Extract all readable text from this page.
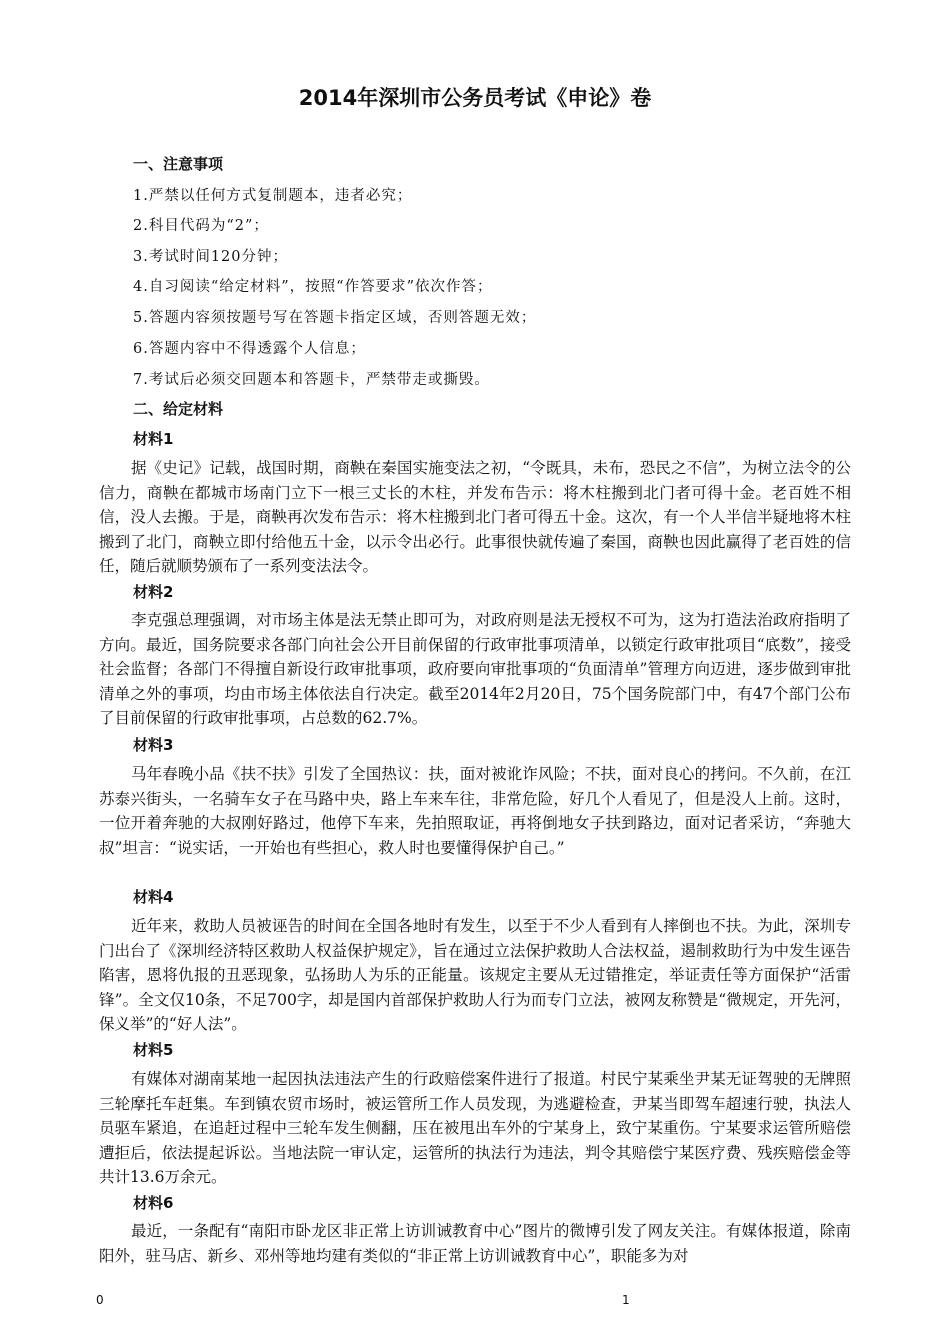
2014年深圳市公务员考试《申论》卷
一、注意事项
1.严禁以任何方式复制题本，违者必究；
2.科目代码为“2”；
3.考试时间120分钟；
4.自习阅读“给定材料”，按照“作答要求”依次作答；
5.答题内容须按题号写在答题卡指定区域，否则答题无效；
6.答题内容中不得透露个人信息；
7.考试后必须交回题本和答题卡，严禁带走或撕毁。
二、给定材料
材料1

据《史记》记载，战国时期，商鞅在秦国实施变法之初，“令既具，未布，恐民之不信”，为树立法令的公信力，商鞅在都城市场南门立下一根三丈长的木柱，并发布告示：将木柱搬到北门者可得十金。老百姓不相信，没人去搬。于是，商鞅再次发布告示：将木柱搬到北门者可得五十金。这次，有一个人半信半疑地将木柱搬到了北门，商鞅立即付给他五十金，以示令出必行。此事很快就传遍了秦国，商鞅也因此赢得了老百姓的信任，随后就顺势颁布了一系列变法法令。

材料2

李克强总理强调，对市场主体是法无禁止即可为，对政府则是法无授权不可为，这为打造法治政府指明了方向。最近，国务院要求各部门向社会公开目前保留的行政审批事项清单，以锁定行政审批项目“底数”，接受社会监督；各部门不得擅自新设行政审批事项，政府要向审批事项的“负面清单”管理方向迈进，逐步做到审批清单之外的事项，均由市场主体依法自行决定。截至2014年2月20日，75个国务院部门中，有47个部门公布了目前保留的行政审批事项，占总数的62.7%。

材料3

马年春晚小品《扶不扶》引发了全国热议：扶，面对被讹诈风险；不扶，面对良心的拷问。不久前，在江苏泰兴街头，一名骑车女子在马路中央，路上车来车往，非常危险，好几个人看见了，但是没人上前。这时，一位开着奔驰的大叔刚好路过，他停下车来，先拍照取证，再将倒地女子扶到路边，面对记者采访，“奔驰大叔”坦言：“说实话，一开始也有些担心，救人时也要懂得保护自己。”

材料4

近年来，救助人员被诬告的时间在全国各地时有发生，以至于不少人看到有人摔倒也不扶。为此，深圳专门出台了《深圳经济特区救助人权益保护规定》，旨在通过立法保护救助人合法权益，遏制救助行为中发生诬告陷害，恩将仇报的丑恶现象，弘扬助人为乐的正能量。该规定主要从无过错推定，举证责任等方面保护“活雷锋”。全文仅10条，不足700字，却是国内首部保护救助人行为而专门立法，被网友称赞是“微规定，开先河，保义举”的“好人法”。

材料5

有媒体对湖南某地一起因执法违法产生的行政赔偿案件进行了报道。村民宁某乘坐尹某无证驾驶的无牌照三轮摩托车赶集。车到镇农贸市场时，被运管所工作人员发现，为逃避检查，尹某当即驾车超速行驶，执法人员驱车紧追，在追赶过程中三轮车发生侧翻，压在被甩出车外的宁某身上，致宁某重伤。宁某要求运管所赔偿遭拒后，依法提起诉讼。当地法院一审认定，运管所的执法行为违法，判令其赔偿宁某医疗费、残疾赔偿金等共计13.6万余元。

材料6

最近，一条配有“南阳市卧龙区非正常上访训诫教育中心”图片的微博引发了网友关注。有媒体报道，除南阳外，驻马店、新乡、邓州等地均建有类似的“非正常上访训诫教育中心”，职能多为对

0	1
